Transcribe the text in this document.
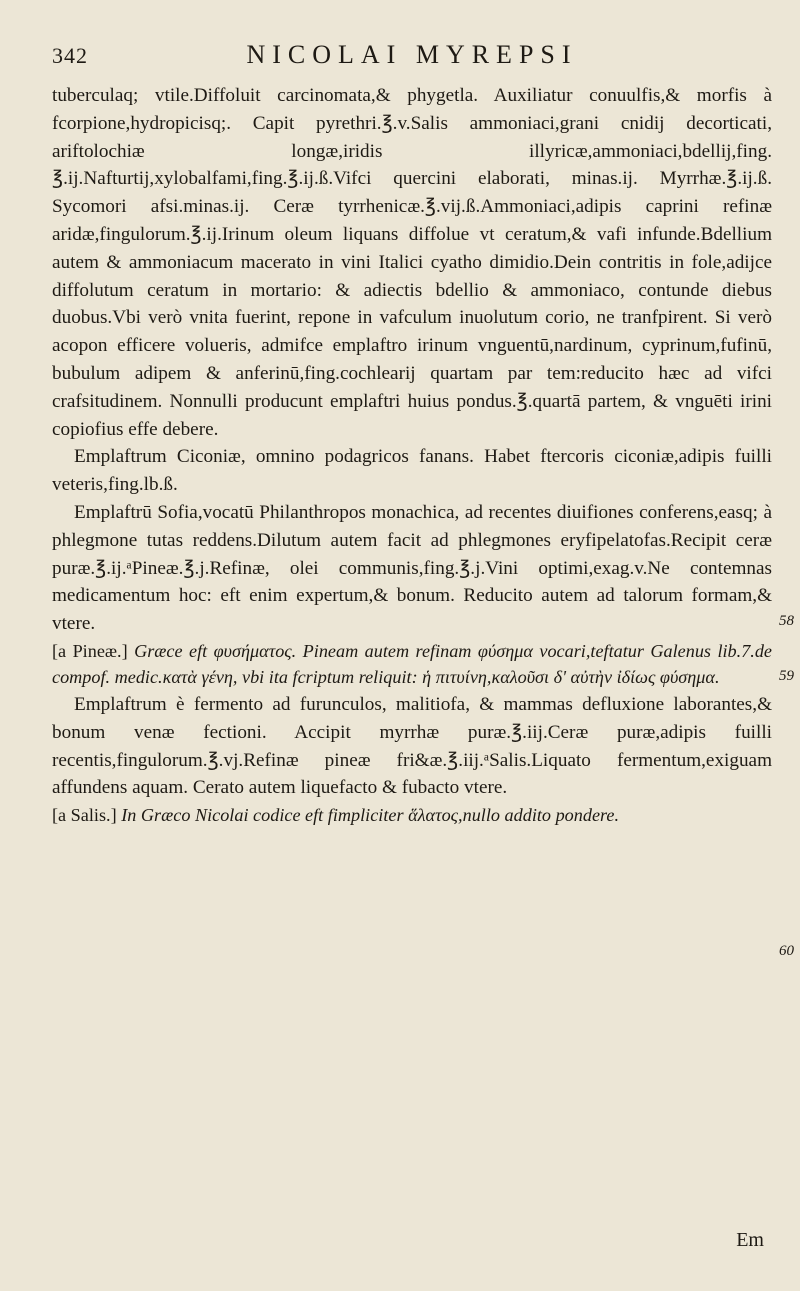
342	NICOLAI MYREPSI

tuberculaq; vtile.Diffoluit carcinomata,& phygetla. Auxiliatur conuulfis,& morfis à fcorpione,hydropicisq;. Capit pyrethri.℥.v.Salis ammoniaci,grani cnidij decorticati, ariftolochiæ longæ,iridis illyricæ,ammoniaci,bdellij,fing. ℥.ij.Nafturtij,xylobalfami,fing.℥.ij.ß.Vifci quercini elaborati, minas.ij. Myrrhæ.℥.ij.ß. Sycomori afsi.minas.ij. Ceræ tyrrhenicæ.℥.vij.ß.Ammoniaci,adipis caprini refinæ aridæ,fingulorum.℥.ij.Irinum oleum liquans diffolue vt ceratum,& vafi infunde.Bdellium autem & ammoniacum macerato in vini Italici cyatho dimidio.Dein contritis in fole,adijce diffolutum ceratum in mortario: & adiectis bdellio & ammoniaco, contunde diebus duobus.Vbi verò vnita fuerint, repone in vafculum inuolutum corio, ne tranfpirent. Si verò acopon efficere volueris, admifce emplaftro irinum vnguentū,nardinum, cyprinum,fufinū, bubulum adipem & anferinū,fing.cochlearij quartam par tem:reducito hæc ad vifci crafsitudinem. Nonnulli producunt emplaftri huius pondus.℥.quartā partem, & vnguēti irini copiofius effe debere.

Emplaftrum Ciconiæ, omnino podagricos fanans. Habet ftercoris ciconiæ,adipis fuilli veteris,fing.lb.ß.

Emplaftrū Sofia,vocatū Philanthropos monachica, ad recentes diuifiones conferens,easq; à phlegmone tutas reddens.Dilutum autem facit ad phlegmones eryfipelatofas.Recipit ceræ puræ.℥.ij.ᵃPineæ.℥.j.Refinæ, olei communis,fing.℥.j.Vini optimi,exag.v.Ne contemnas medicamentum hoc: eft enim expertum,& bonum. Reducito autem ad talorum formam,& vtere.

[a Pineæ.] Græce eft φυσήματος. Pineam autem refinam φύσημα vocari,teftatur Galenus lib.7.de compof. medic.κατὰ γένη, vbi ita fcriptum reliquit: ἡ πιτυίνη,καλοῦσι δ' αὐτὴν ἰδίως φύσημα.

Emplaftrum è fermento ad furunculos, malitiofa, & mammas defluxione laborantes,& bonum venæ fectioni. Accipit myrrhæ puræ.℥.iij.Ceræ puræ,adipis fuilli recentis,fingulorum.℥.vj.Refinæ pineæ fri&æ.℥.iij.ᵃSalis.Liquato fermentum,exiguam affundens aquam. Cerato autem liquefacto & fubacto vtere.

[a Salis.] In Græco Nicolai codice eft fimpliciter ἅλατος,nullo addito pondere.

58
59
60
Em
